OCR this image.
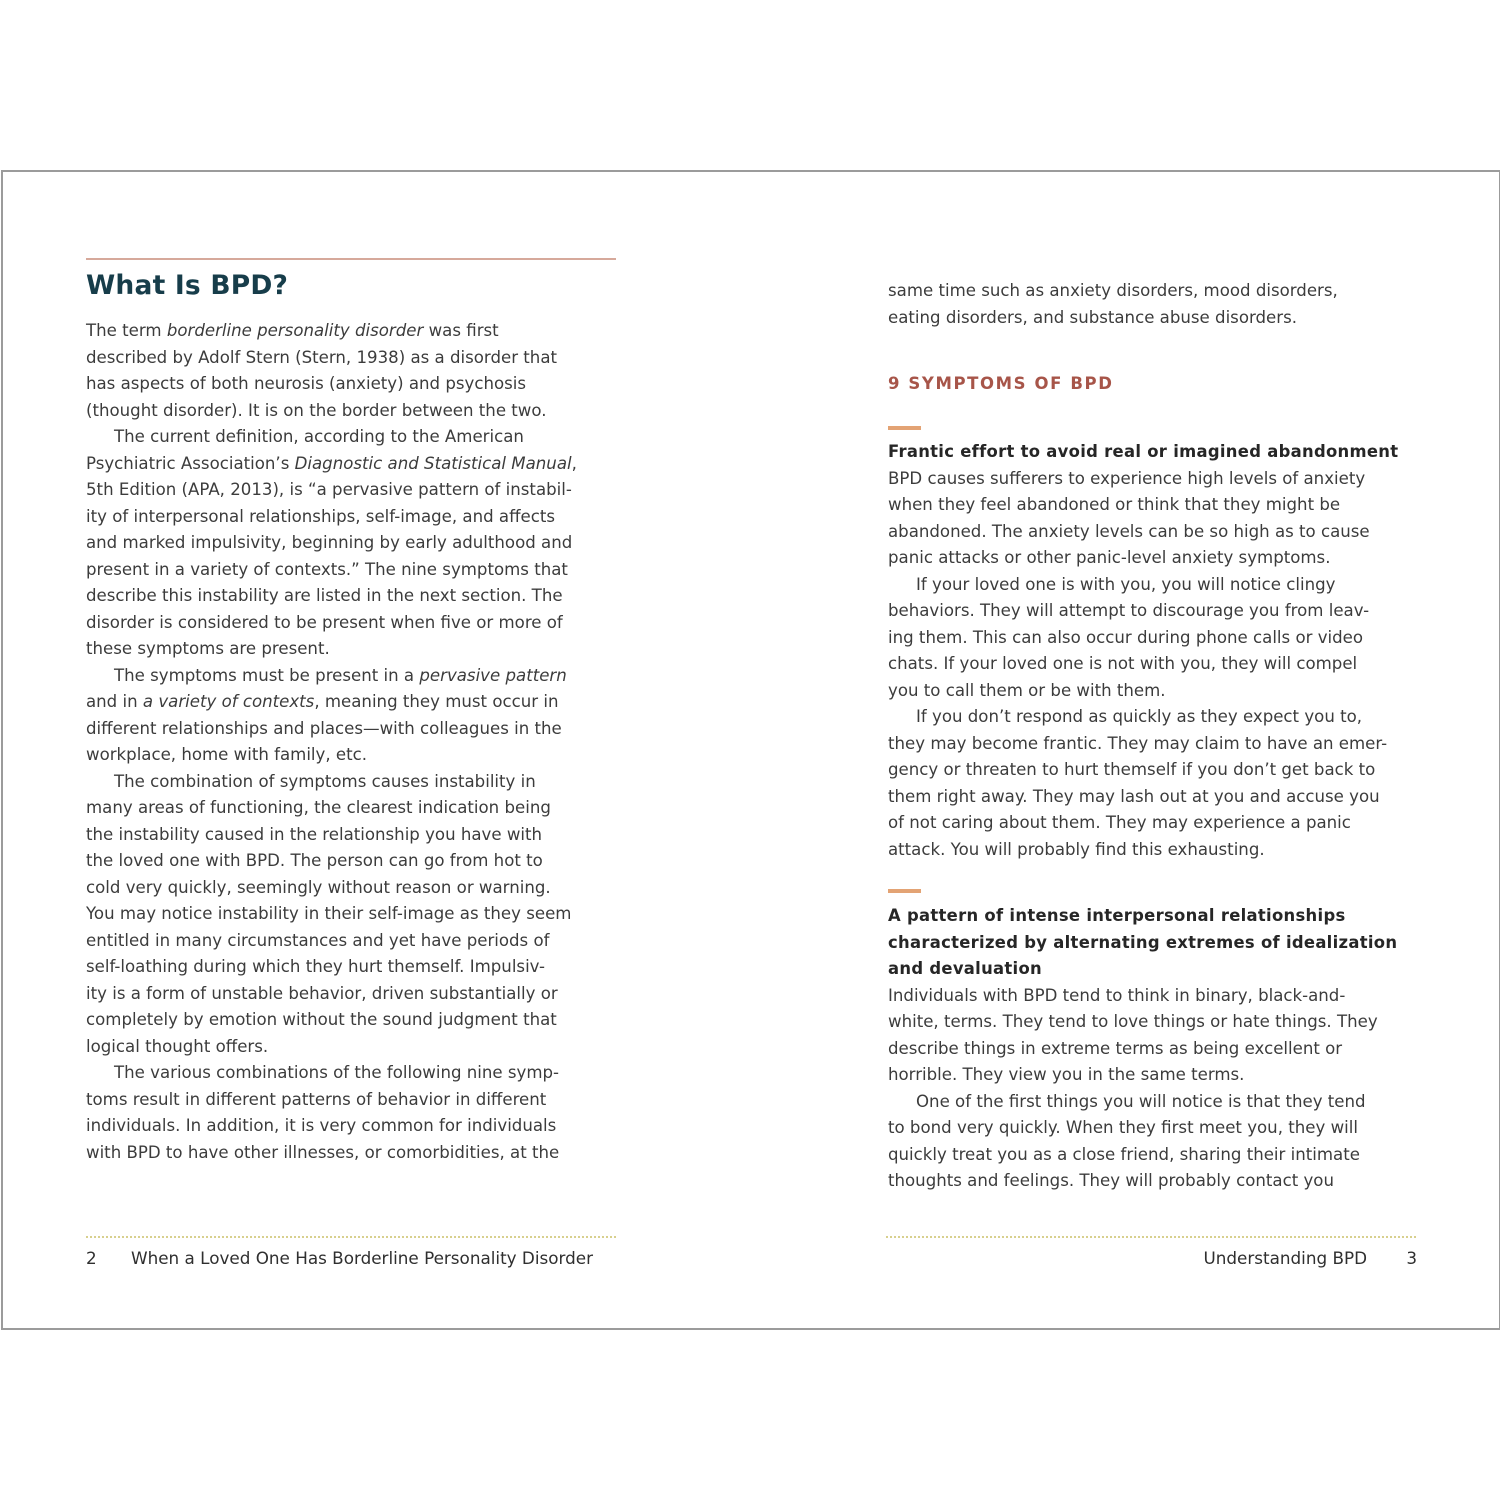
What Is BPD?
The term borderline personality disorder was first
described by Adolf Stern (Stern, 1938) as a disorder that
has aspects of both neurosis (anxiety) and psychosis
(thought disorder). It is on the border between the two.
The current definition, according to the American
Psychiatric Association’s Diagnostic and Statistical Manual,
5th Edition (APA, 2013), is “a pervasive pattern of instabil-
ity of interpersonal relationships, self-image, and affects
and marked impulsivity, beginning by early adulthood and
present in a variety of contexts.” The nine symptoms that
describe this instability are listed in the next section. The
disorder is considered to be present when five or more of
these symptoms are present.
The symptoms must be present in a pervasive pattern
and in a variety of contexts, meaning they must occur in
different relationships and places—with colleagues in the
workplace, home with family, etc.
The combination of symptoms causes instability in
many areas of functioning, the clearest indication being
the instability caused in the relationship you have with
the loved one with BPD. The person can go from hot to
cold very quickly, seemingly without reason or warning.
You may notice instability in their self-image as they seem
entitled in many circumstances and yet have periods of
self-loathing during which they hurt themself. Impulsiv-
ity is a form of unstable behavior, driven substantially or
completely by emotion without the sound judgment that
logical thought offers.
The various combinations of the following nine symp-
toms result in different patterns of behavior in different
individuals. In addition, it is very common for individuals
with BPD to have other illnesses, or comorbidities, at the
2 When a Loved One Has Borderline Personality Disorder
same time such as anxiety disorders, mood disorders,
eating disorders, and substance abuse disorders.
9 SYMPTOMS OF BPD
Frantic effort to avoid real or imagined abandonment
BPD causes sufferers to experience high levels of anxiety
when they feel abandoned or think that they might be
abandoned. The anxiety levels can be so high as to cause
panic attacks or other panic-level anxiety symptoms.
If your loved one is with you, you will notice clingy
behaviors. They will attempt to discourage you from leav-
ing them. This can also occur during phone calls or video
chats. If your loved one is not with you, they will compel
you to call them or be with them.
If you don’t respond as quickly as they expect you to,
they may become frantic. They may claim to have an emer-
gency or threaten to hurt themself if you don’t get back to
them right away. They may lash out at you and accuse you
of not caring about them. They may experience a panic
attack. You will probably find this exhausting.
A pattern of intense interpersonal relationships
characterized by alternating extremes of idealization
and devaluation
Individuals with BPD tend to think in binary, black-and-
white, terms. They tend to love things or hate things. They
describe things in extreme terms as being excellent or
horrible. They view you in the same terms.
One of the first things you will notice is that they tend
to bond very quickly. When they first meet you, they will
quickly treat you as a close friend, sharing their intimate
thoughts and feelings. They will probably contact you
Understanding BPD 3
